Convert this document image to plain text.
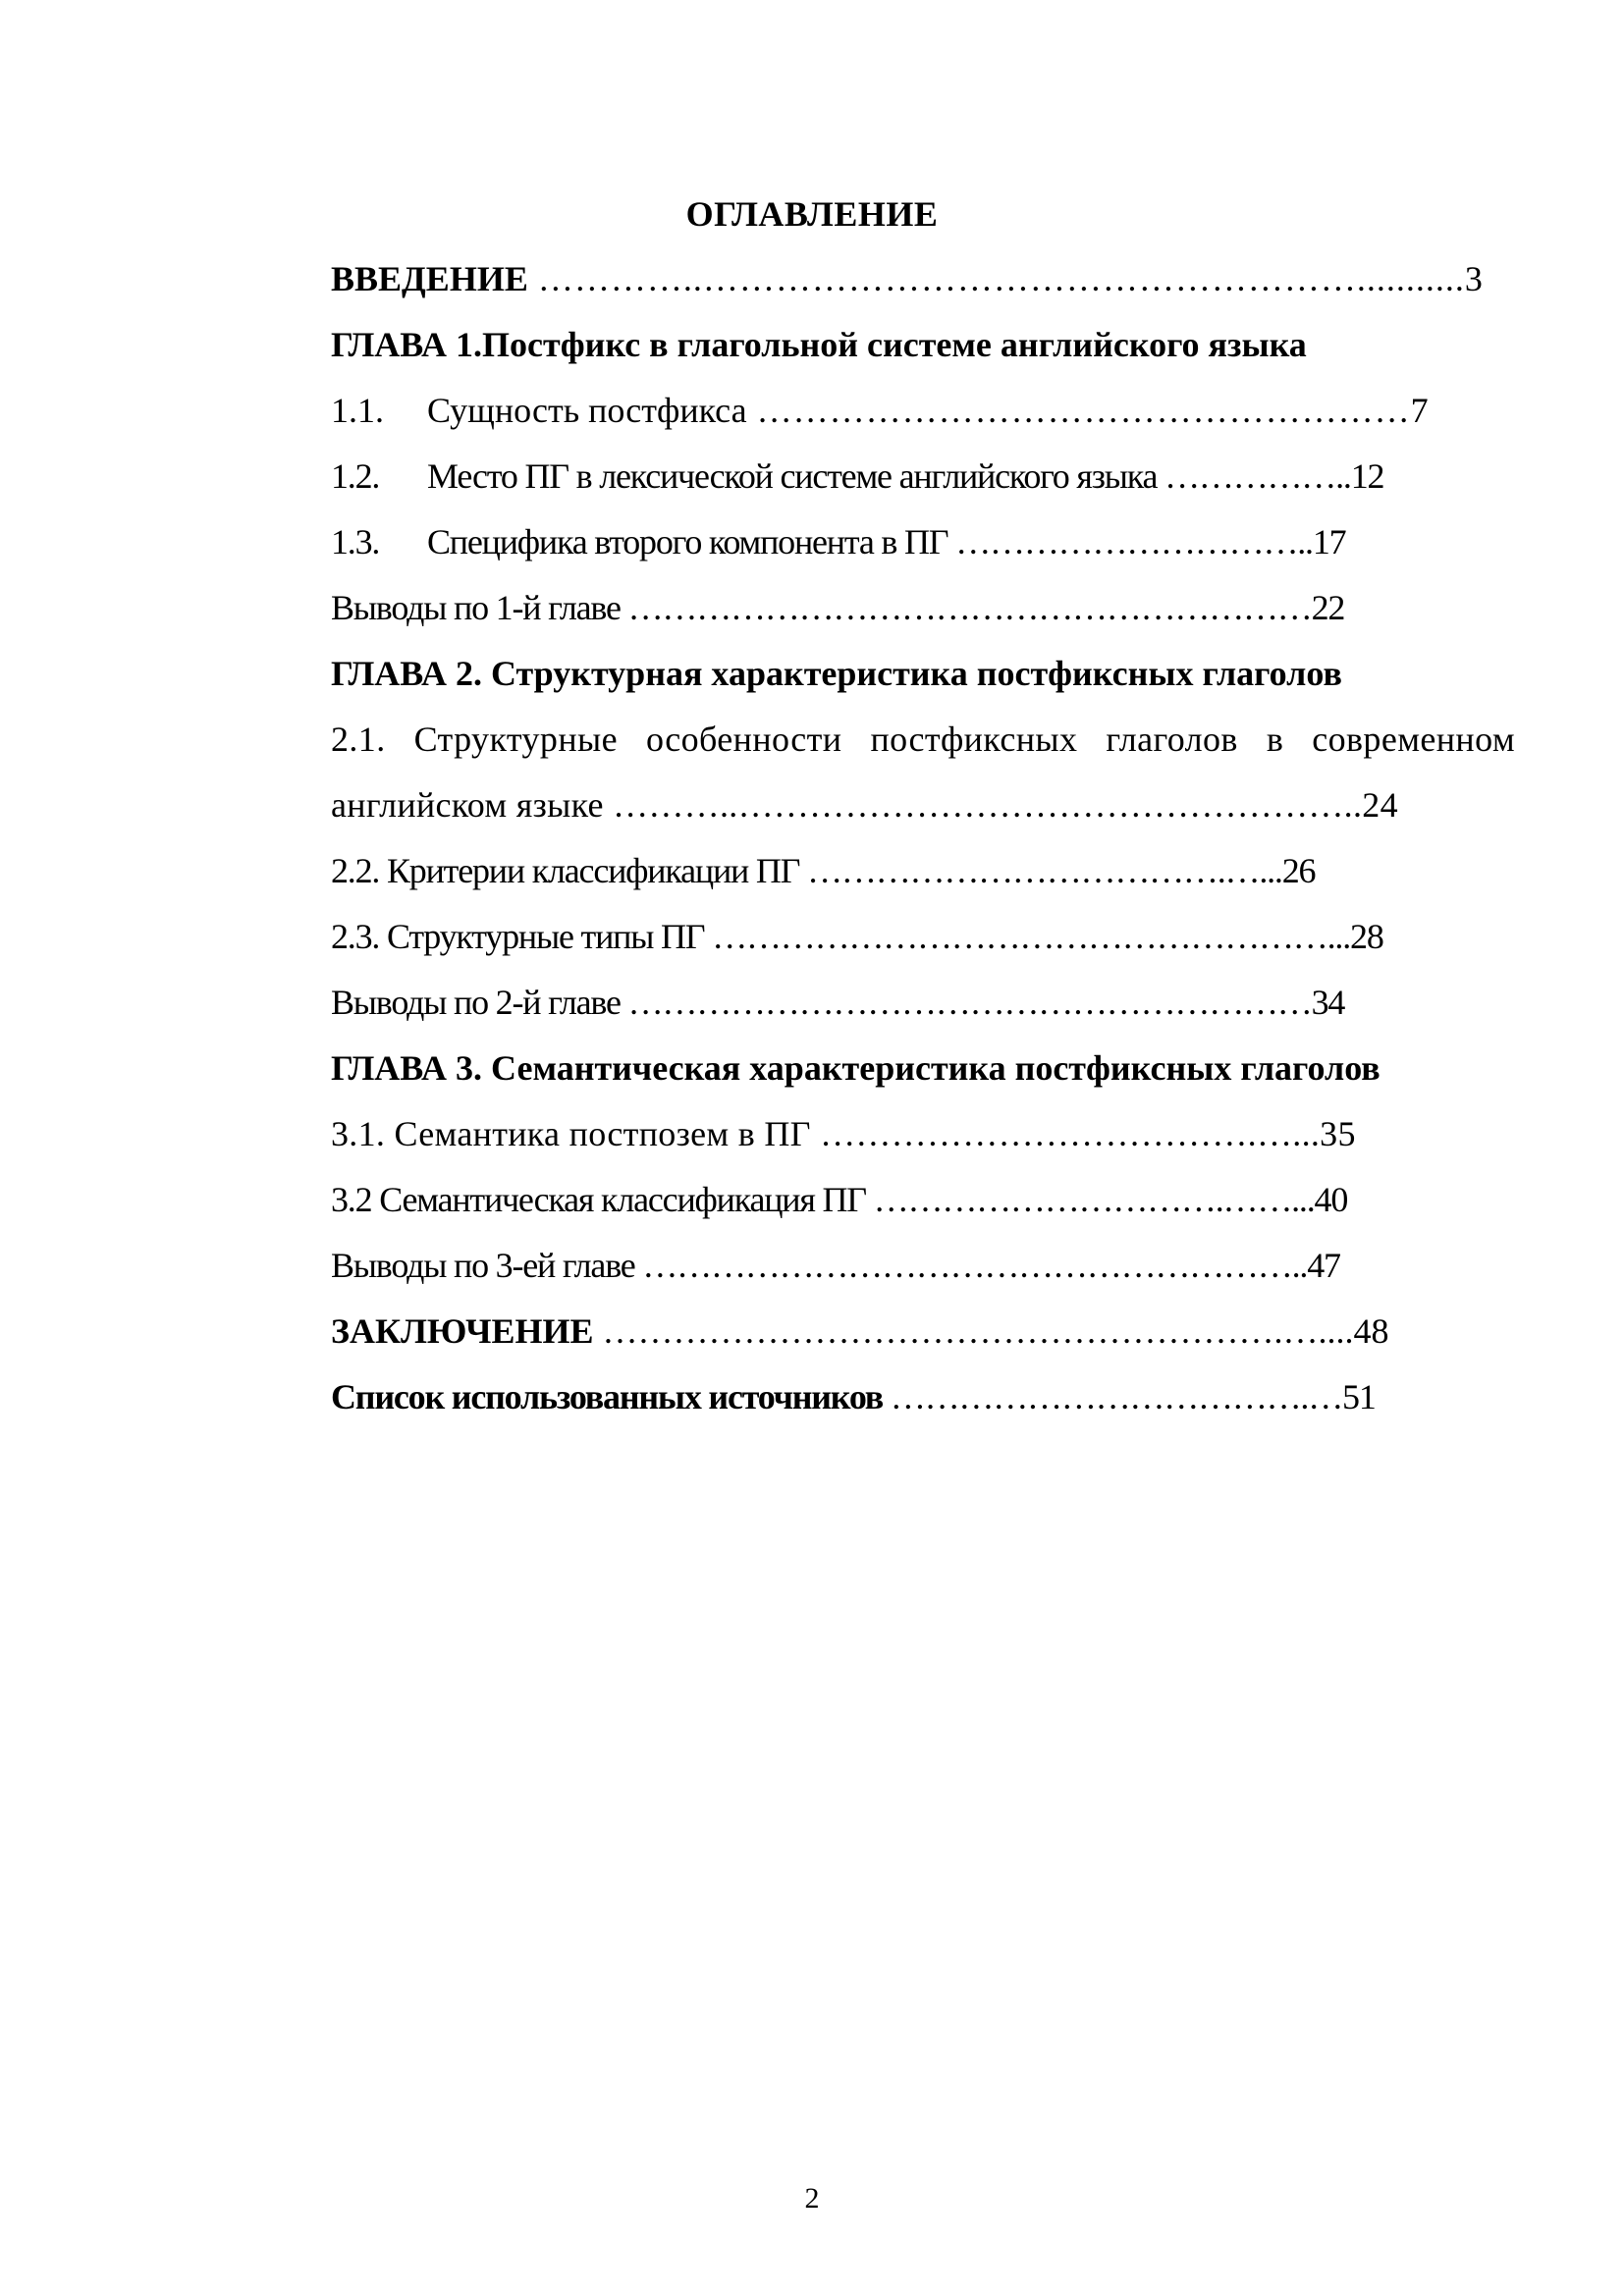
ОГЛАВЛЕНИЕ
ВВЕДЕНИЕ …………..………………………………………………...........3
ГЛАВА 1.Постфикс в глагольной системе английского языка
1.1. Сущность постфикса ………………………………………………7
1.2. Место ПГ в лексической системе английского языка ……………..12
1.3. Специфика второго компонента в ПГ …………………………..17
Выводы по 1-й главе ……………………………………………………22
ГЛАВА 2. Структурная характеристика постфиксных глаголов
2.1. Структурные особенности постфиксных глаголов в современном
английском языке ………..……………………………………………..24
2.2. Критерии классификации ПГ ……………………………….…...26
2.3. Структурные типы ПГ ………………………………………………...28
Выводы по 2-й главе ……………………………………………………34
ГЛАВА 3. Семантическая характеристика постфиксных глаголов
3.1. Семантика постпозем в ПГ ……………………………….…...35
3.2 Семантическая классификация ПГ ………………………….……...40
Выводы по 3-ей главе …………………………………………………..47
ЗАКЛЮЧЕНИЕ ………………………………………………….…....48
Список использованных источников ……………………………….…51
2
